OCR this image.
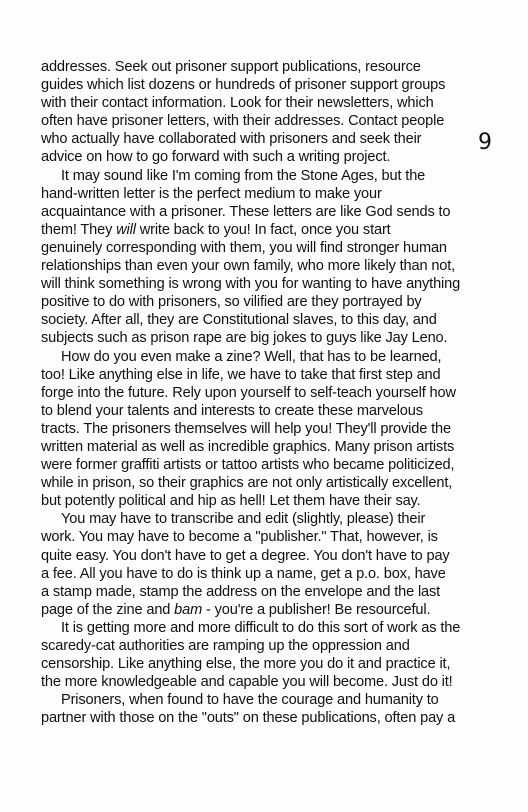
addresses. Seek out prisoner support publications, resource
guides which list dozens or hundreds of prisoner support groups
with their contact information. Look for their newsletters, which
often have prisoner letters, with their addresses. Contact people
who actually have collaborated with prisoners and seek their
advice on how to go forward with such a writing project.
It may sound like I'm coming from the Stone Ages, but the
hand-written letter is the perfect medium to make your
acquaintance with a prisoner. These letters are like God sends to
them! They will write back to you! In fact, once you start
genuinely corresponding with them, you will find stronger human
relationships than even your own family, who more likely than not,
will think something is wrong with you for wanting to have anything
positive to do with prisoners, so vilified are they portrayed by
society. After all, they are Constitutional slaves, to this day, and
subjects such as prison rape are big jokes to guys like Jay Leno.
How do you even make a zine? Well, that has to be learned,
too! Like anything else in life, we have to take that first step and
forge into the future. Rely upon yourself to self-teach yourself how
to blend your talents and interests to create these marvelous
tracts. The prisoners themselves will help you! They'll provide the
written material as well as incredible graphics. Many prison artists
were former graffiti artists or tattoo artists who became politicized,
while in prison, so their graphics are not only artistically excellent,
but potently political and hip as hell! Let them have their say.
You may have to transcribe and edit (slightly, please) their
work. You may have to become a "publisher." That, however, is
quite easy. You don't have to get a degree. You don't have to pay
a fee. All you have to do is think up a name, get a p.o. box, have
a stamp made, stamp the address on the envelope and the last
page of the zine and bam - you're a publisher! Be resourceful.
It is getting more and more difficult to do this sort of work as the
scaredy-cat authorities are ramping up the oppression and
censorship. Like anything else, the more you do it and practice it,
the more knowledgeable and capable you will become. Just do it!
Prisoners, when found to have the courage and humanity to
partner with those on the "outs" on these publications, often pay a
9
